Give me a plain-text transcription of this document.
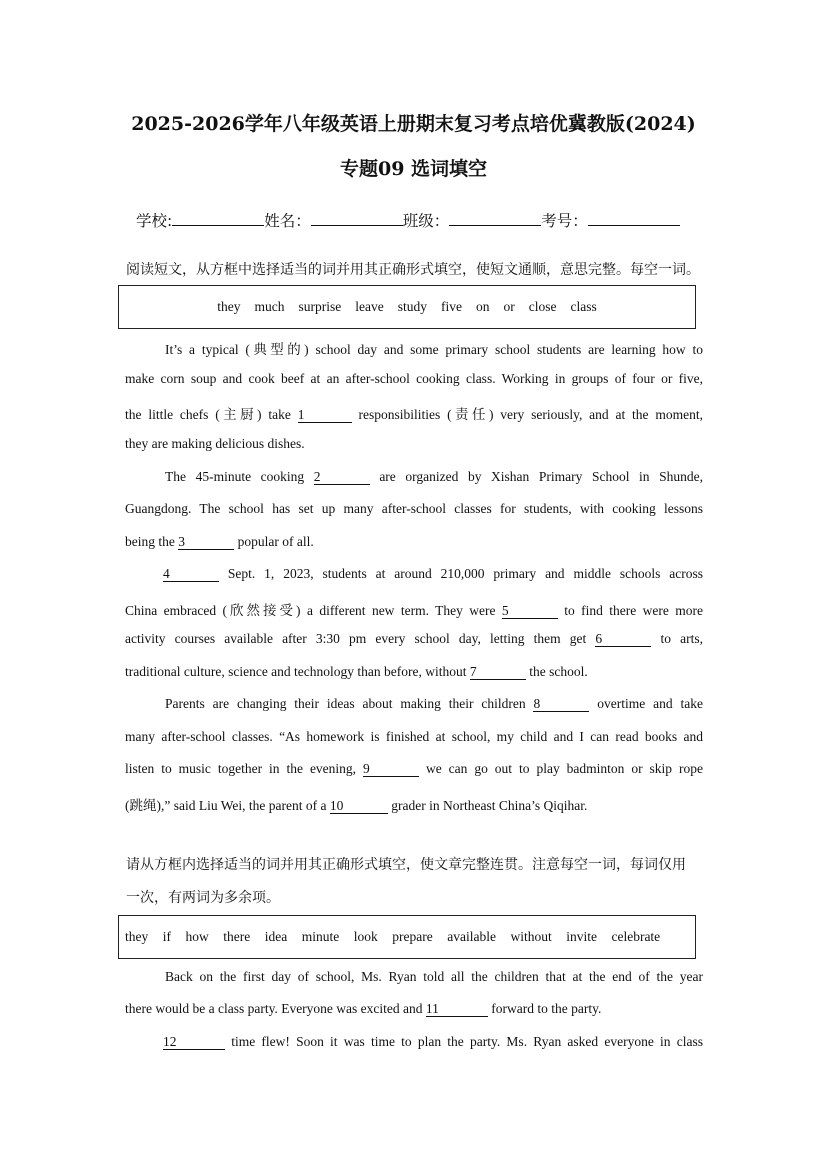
2025-2026学年八年级英语上册期末复习考点培优冀教版(2024)
专题09 选词填空
学校:	姓名：	班级：	考号：
阅读短文，从方框中选择适当的词并用其正确形式填空，使短文通顺，意思完整。每空一词。
they much surprise leave study five on or close class
It’s a typical (典型的) school day and some primary school students are learning how to
make corn soup and cook beef at an after-school cooking class. Working in groups of four or five,
the little chefs (主厨) take 1	responsibilities (责任) very seriously, and at the moment,
they are making delicious dishes.
The 45-minute cooking 2	are organized by Xishan Primary School in Shunde,
Guangdong. The school has set up many after-school classes for students, with cooking lessons
being the 3	popular of all.
4	Sept. 1, 2023, students at around 210,000 primary and middle schools across
China embraced (欣然接受) a different new term. They were 5	to find there were more
activity courses available after 3:30 pm every school day, letting them get 6	to arts,
traditional culture, science and technology than before, without 7	the school.
Parents are changing their ideas about making their children 8	overtime and take
many after-school classes. “As homework is finished at school, my child and I can read books and
listen to music together in the evening, 9	we can go out to play badminton or skip rope
(跳绳),” said Liu Wei, the parent of a 10	grader in Northeast China’s Qiqihar.
请从方框内选择适当的词并用其正确形式填空，使文章完整连贯。注意每空一词，每词仅用
一次，有两词为多余项。
they if how there idea minute look prepare available without invite celebrate
Back on the first day of school, Ms. Ryan told all the children that at the end of the year
there would be a class party. Everyone was excited and 11	forward to the party.
12	time flew! Soon it was time to plan the party. Ms. Ryan asked everyone in class
